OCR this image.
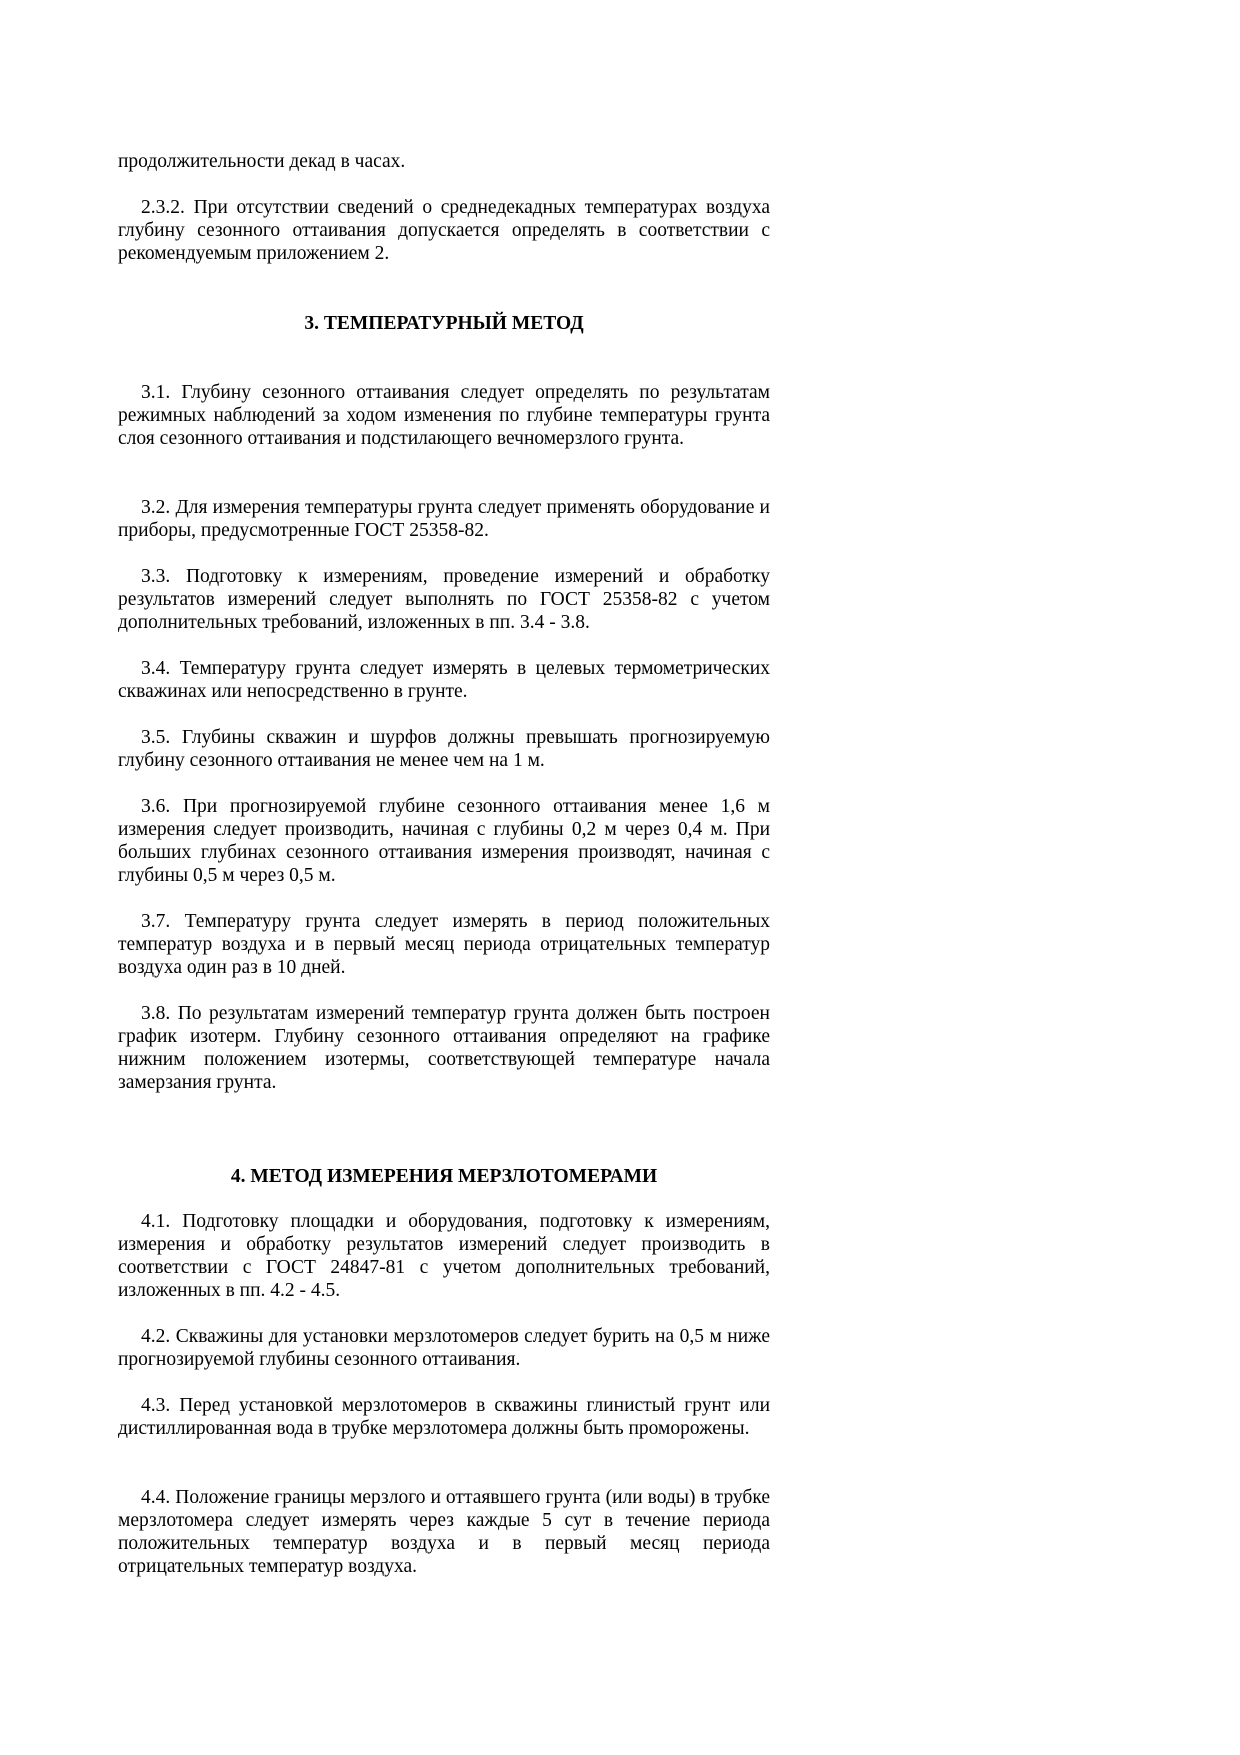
продолжительности декад в часах.

2.3.2. При отсутствии сведений о среднедекадных температурах воздуха глубину сезонного оттаивания допускается определять в соответствии с рекомендуемым приложением 2.

3. ТЕМПЕРАТУРНЫЙ МЕТОД

3.1. Глубину сезонного оттаивания следует определять по результатам режимных наблюдений за ходом изменения по глубине температуры грунта слоя сезонного оттаивания и подстилающего вечномерзлого грунта.

3.2. Для измерения температуры грунта следует применять оборудование и приборы, предусмотренные ГОСТ 25358-82.

3.3. Подготовку к измерениям, проведение измерений и обработку результатов измерений следует выполнять по ГОСТ 25358-82 с учетом дополнительных требований, изложенных в пп. 3.4 - 3.8.

3.4. Температуру грунта следует измерять в целевых термометрических скважинах или непосредственно в грунте.

3.5. Глубины скважин и шурфов должны превышать прогнозируемую глубину сезонного оттаивания не менее чем на 1 м.

3.6. При прогнозируемой глубине сезонного оттаивания менее 1,6 м измерения следует производить, начиная с глубины 0,2 м через 0,4 м. При больших глубинах сезонного оттаивания измерения производят, начиная с глубины 0,5 м через 0,5 м.

3.7. Температуру грунта следует измерять в период положительных температур воздуха и в первый месяц периода отрицательных температур воздуха один раз в 10 дней.

3.8. По результатам измерений температур грунта должен быть построен график изотерм. Глубину сезонного оттаивания определяют на графике нижним положением изотермы, соответствующей температуре начала замерзания грунта.

4. МЕТОД ИЗМЕРЕНИЯ МЕРЗЛОТОМЕРАМИ

4.1. Подготовку площадки и оборудования, подготовку к измерениям, измерения и обработку результатов измерений следует производить в соответствии с ГОСТ 24847-81 с учетом дополнительных требований, изложенных в пп. 4.2 - 4.5.

4.2. Скважины для установки мерзлотомеров следует бурить на 0,5 м ниже прогнозируемой глубины сезонного оттаивания.

4.3. Перед установкой мерзлотомеров в скважины глинистый грунт или дистиллированная вода в трубке мерзлотомера должны быть проморожены.

4.4. Положение границы мерзлого и оттаявшего грунта (или воды) в трубке мерзлотомера следует измерять через каждые 5 сут в течение периода положительных температур воздуха и в первый месяц периода отрицательных температур воздуха.
